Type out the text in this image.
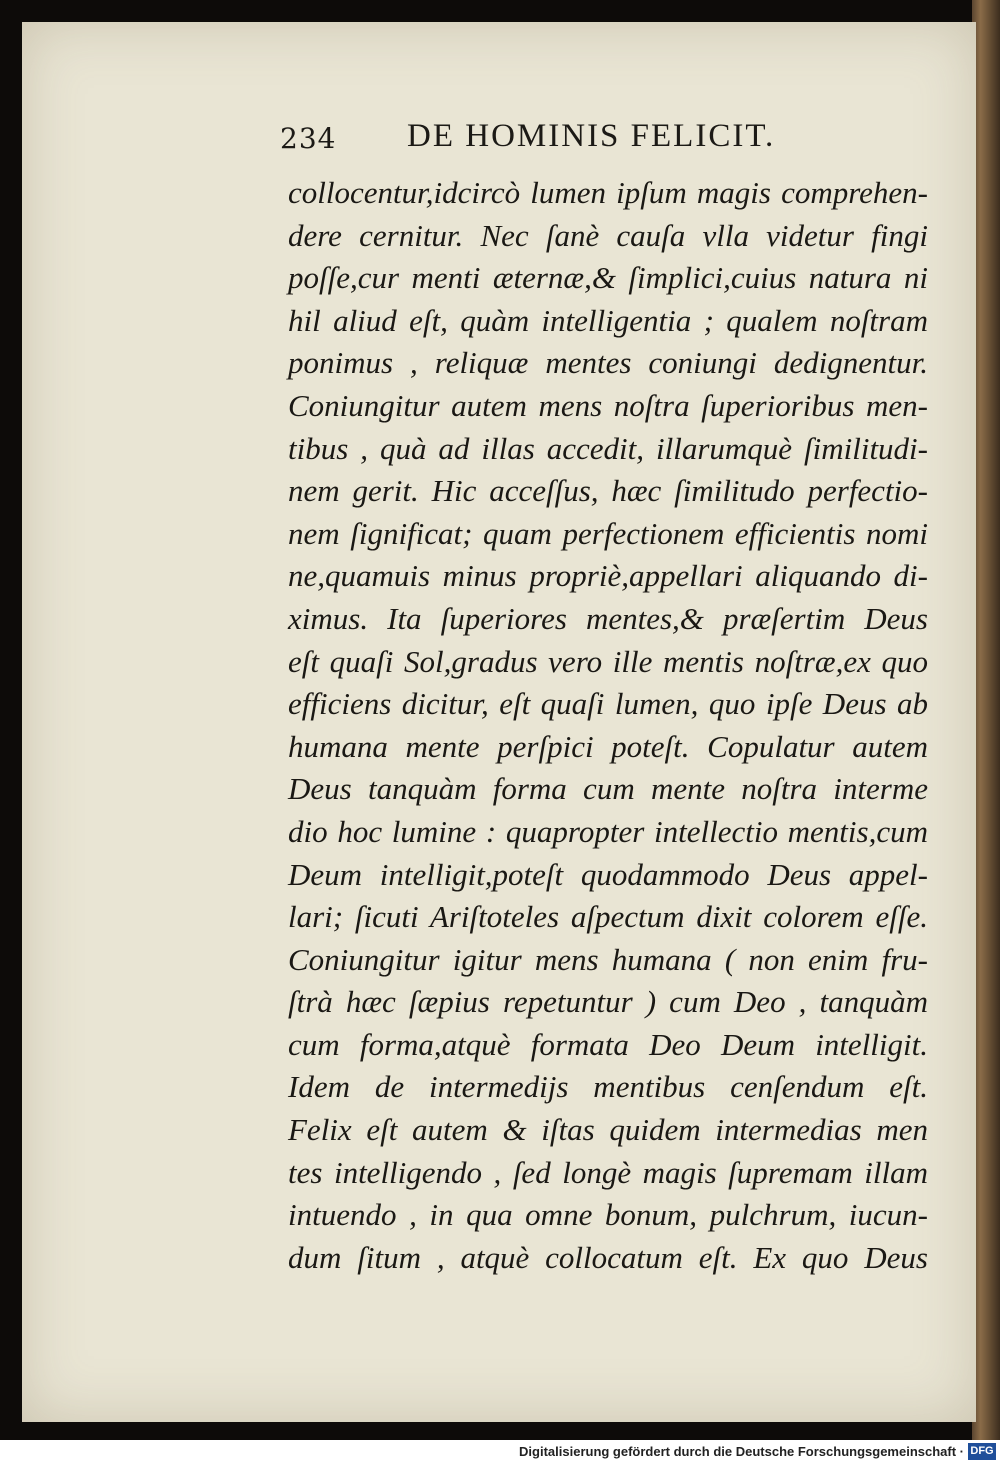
234 DE HOMINIS FELICIT.
collocentur,idcircò lumen ipſum magis comprehen-
dere cernitur. Nec ſanè cauſa vlla videtur fingi
poſſe,cur menti æternæ,& ſimplici,cuius natura ni
hil aliud eſt, quàm intelligentia ; qualem noſtram
ponimus , reliquæ mentes coniungi dedignentur.
Coniungitur autem mens noſtra ſuperioribus men-
tibus , quà ad illas accedit, illarumquè ſimilitudi-
nem gerit. Hic acceſſus, hæc ſimilitudo perfectio-
nem ſignificat; quam perfectionem efficientis nomi
ne,quamuis minus propriè,appellari aliquando di-
ximus. Ita ſuperiores mentes,& præſertim Deus
eſt quaſi Sol,gradus vero ille mentis noſtræ,ex quo
efficiens dicitur, eſt quaſi lumen, quo ipſe Deus ab
humana mente perſpici poteſt. Copulatur autem
Deus tanquàm forma cum mente noſtra interme
dio hoc lumine : quapropter intellectio mentis,cum
Deum intelligit,poteſt quodammodo Deus appel-
lari; ſicuti Ariſtoteles aſpectum dixit colorem eſſe.
Coniungitur igitur mens humana ( non enim fru-
ſtrà hæc ſæpius repetuntur ) cum Deo , tanquàm
cum forma,atquè formata Deo Deum intelligit.
Idem de intermedijs mentibus cenſendum eſt.
Felix eſt autem & iſtas quidem intermedias men
tes intelligendo , ſed longè magis ſupremam illam
intuendo , in qua omne bonum, pulchrum, iucun-
dum ſitum , atquè collocatum eſt. Ex quo Deus
Digitalisierung gefördert durch die Deutsche Forschungsgemeinschaft · DFG
